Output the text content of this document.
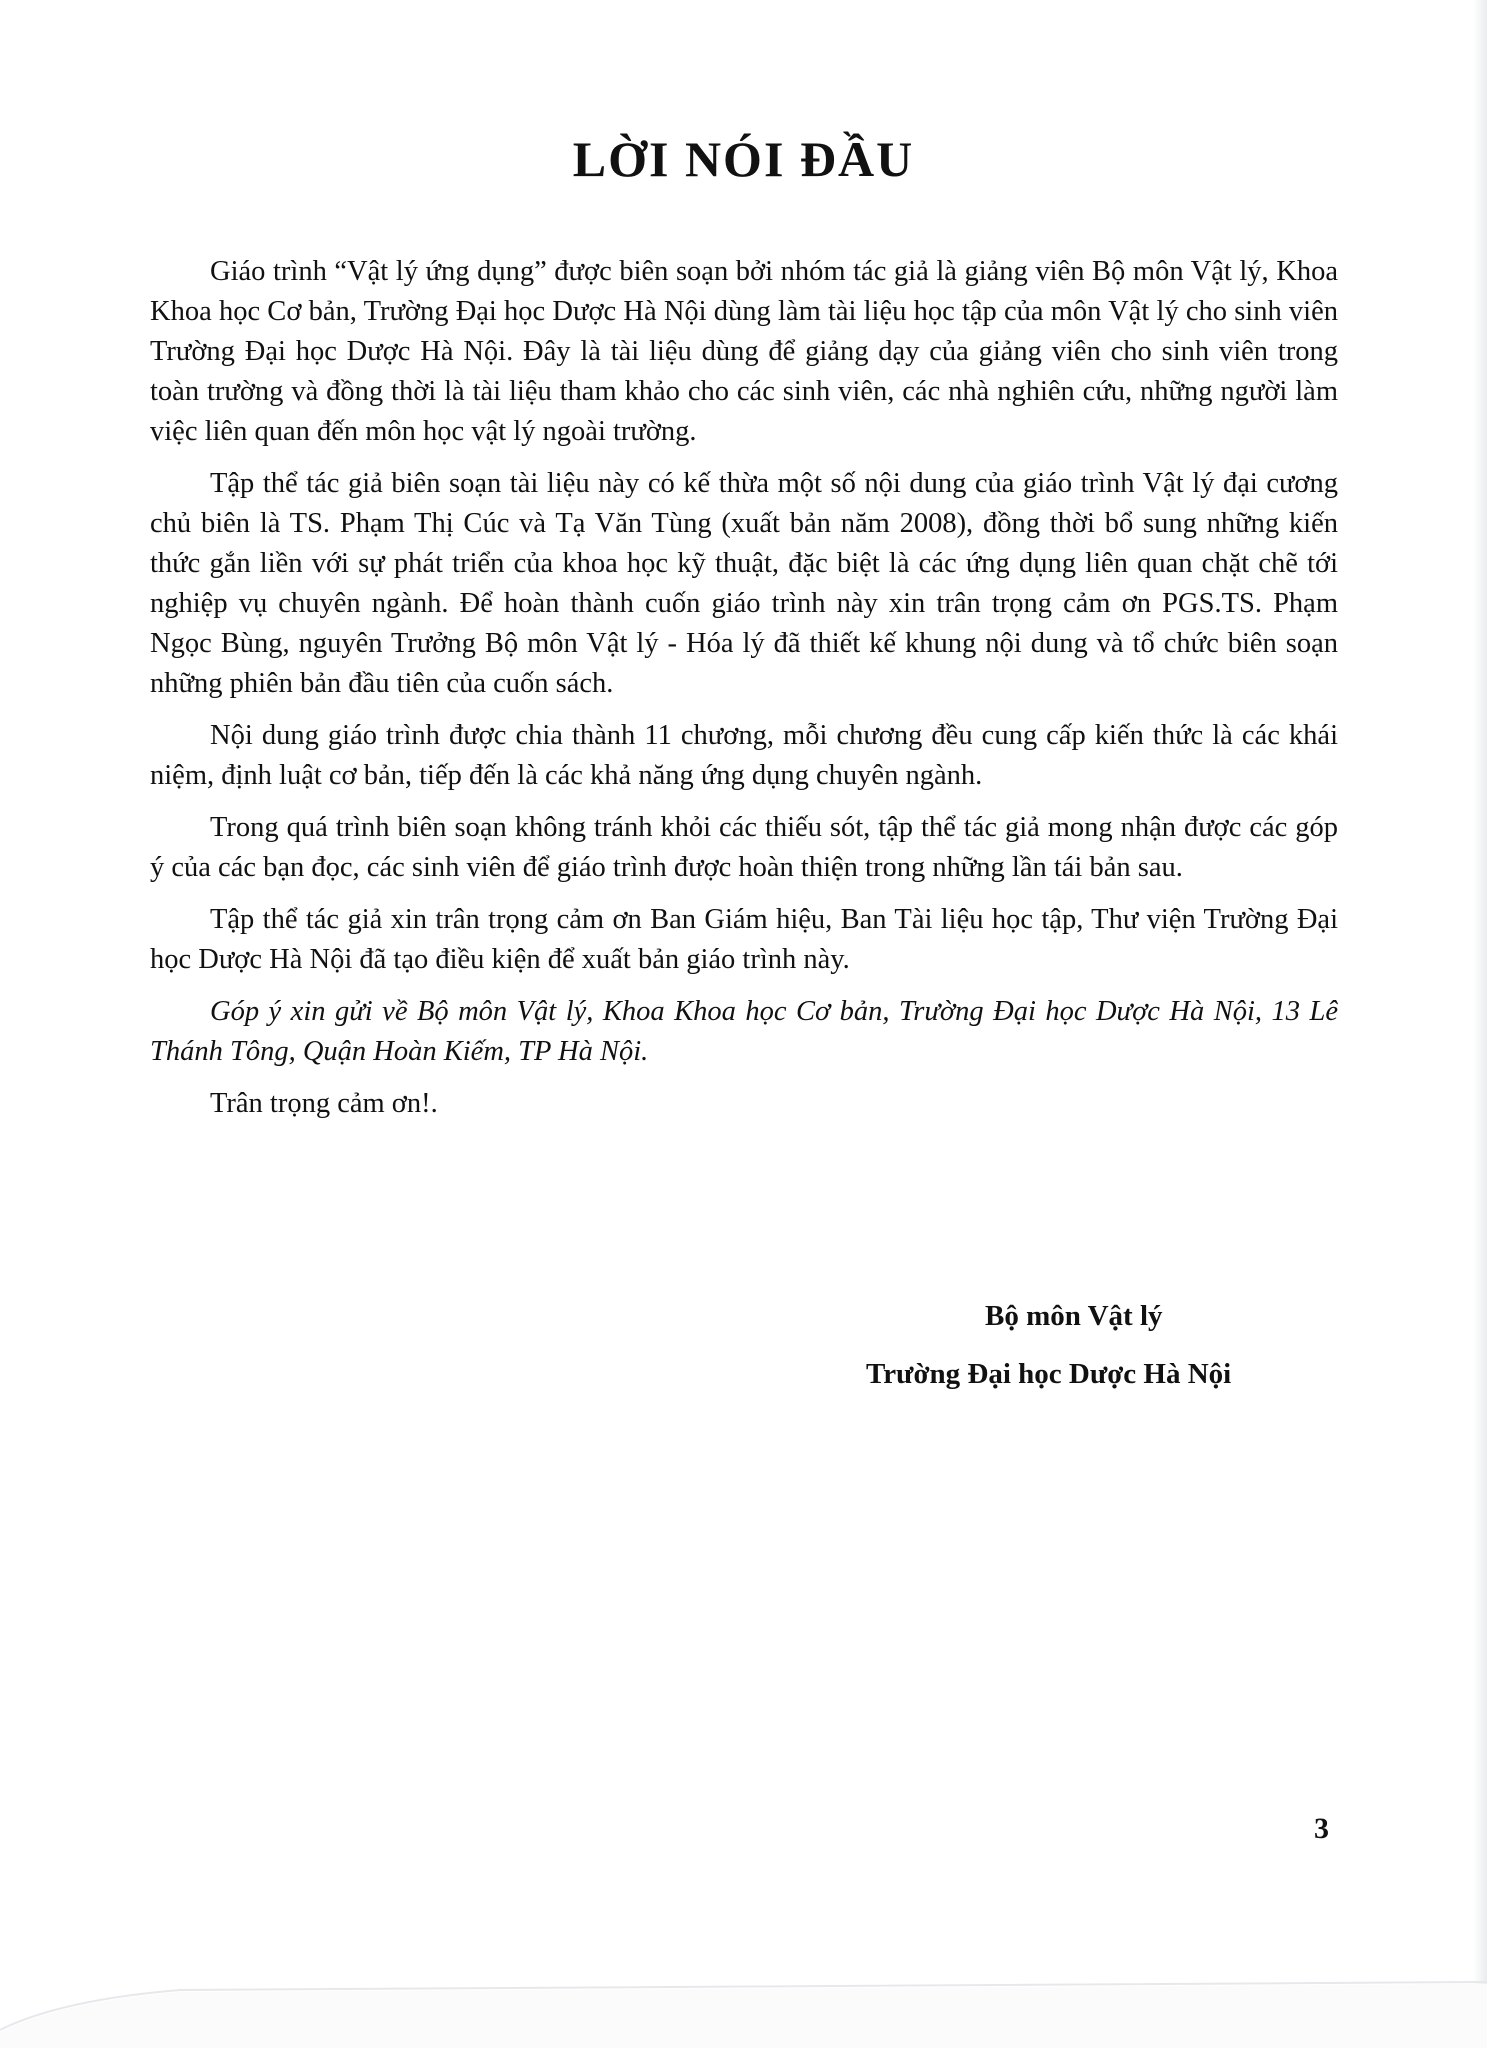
LỜI NÓI ĐẦU

Giáo trình “Vật lý ứng dụng” được biên soạn bởi nhóm tác giả là giảng viên Bộ môn Vật lý, Khoa Khoa học Cơ bản, Trường Đại học Dược Hà Nội dùng làm tài liệu học tập của môn Vật lý cho sinh viên Trường Đại học Dược Hà Nội. Đây là tài liệu dùng để giảng dạy của giảng viên cho sinh viên trong toàn trường và đồng thời là tài liệu tham khảo cho các sinh viên, các nhà nghiên cứu, những người làm việc liên quan đến môn học vật lý ngoài trường.

Tập thể tác giả biên soạn tài liệu này có kế thừa một số nội dung của giáo trình Vật lý đại cương chủ biên là TS. Phạm Thị Cúc và Tạ Văn Tùng (xuất bản năm 2008), đồng thời bổ sung những kiến thức gắn liền với sự phát triển của khoa học kỹ thuật, đặc biệt là các ứng dụng liên quan chặt chẽ tới nghiệp vụ chuyên ngành. Để hoàn thành cuốn giáo trình này xin trân trọng cảm ơn PGS.TS. Phạm Ngọc Bùng, nguyên Trưởng Bộ môn Vật lý - Hóa lý đã thiết kế khung nội dung và tổ chức biên soạn những phiên bản đầu tiên của cuốn sách.

Nội dung giáo trình được chia thành 11 chương, mỗi chương đều cung cấp kiến thức là các khái niệm, định luật cơ bản, tiếp đến là các khả năng ứng dụng chuyên ngành.

Trong quá trình biên soạn không tránh khỏi các thiếu sót, tập thể tác giả mong nhận được các góp ý của các bạn đọc, các sinh viên để giáo trình được hoàn thiện trong những lần tái bản sau.

Tập thể tác giả xin trân trọng cảm ơn Ban Giám hiệu, Ban Tài liệu học tập, Thư viện Trường Đại học Dược Hà Nội đã tạo điều kiện để xuất bản giáo trình này.

Góp ý xin gửi về Bộ môn Vật lý, Khoa Khoa học Cơ bản, Trường Đại học Dược Hà Nội, 13 Lê Thánh Tông, Quận Hoàn Kiếm, TP Hà Nội.

Trân trọng cảm ơn!.

Bộ môn Vật lý
Trường Đại học Dược Hà Nội
3
